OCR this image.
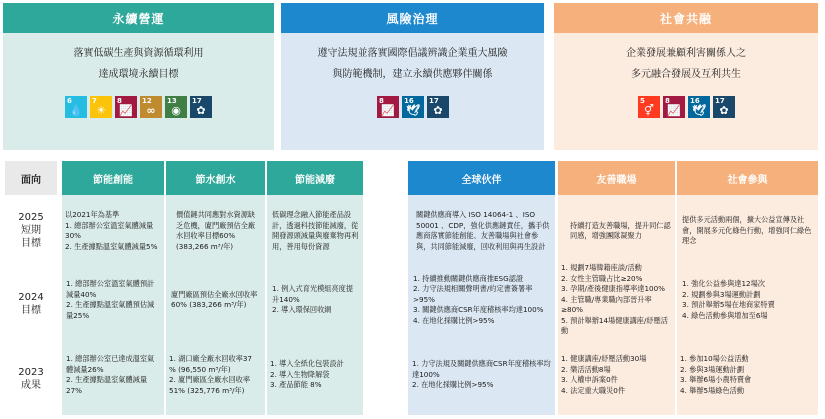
永續營運
落實低碳生產與資源循環利用
達成環境永續目標
6
💧
7
☀
8
📈
12
∞
13
◉
17
✿
風險治理
遵守法規並落實國際倡議辨識企業重大風險
與防範機制，建立永續供應夥伴關係
8
📈
16
🕊
17
✿
社會共融
企業發展兼顧利害關係人之
多元融合發展及互利共生
5
⚥
8
📈
16
🕊
17
✿
面向
2025
短期
目標
2024
目標
2023
成果
節能創能
以2021年為基準
1. 總部辦公室溫室氣體減量30%
2. 生產據點溫室氣體減量5%
1. 總部辦公室溫室氣體預計減量40%
2. 生產據點溫室氣體預估減量25%
1. 總部辦公室已達成溫室氣體減量26%
2. 生產據點溫室氣體減量27%
節水創水
價值鏈共同應對水資源缺乏危機，廈門廠預估全廠水回收率目標60% (383,266 m³/年)
廈門廠區預估全廠水回收率60% (383,266 m³/年)
1. 湖口廠全廠水回收率37 % (96,550 m³/年)
2. 廈門廠區全廠水回收率51% (325,776 m³/年)
節能減廢
低碳理念融入節能產品設計，透過科技節能減廢，從開發源頭減量與廢棄物再利用，善用每份資源
1. 例入式育光模組亮度提升140%
2. 導入環保回收網
1. 導入全紙化包裝設計
2. 導入生物降解袋
3. 產品節能 8%
全球伙伴
關鍵供應商導入 ISO 14064-1 、ISO 50001 、CDP，強化供應鏈責任，攜手供應商落實節能創能、友善職場與社會參與，共同節能減廢，回收利用與再生設計
1. 持續推動關鍵供應商推ESG認證
2. 力守法規相關聲明書/約定書簽署率>95%
3. 關鍵供應商CSR年度稽核率均達100%
4. 在地化採購比例>95%
1. 力守法規及關鍵供應商CSR年度稽核率均達100%
2. 在地化採購比例>95%
友善職場
持續打造友善職場，提升同仁認同感，增強團隊凝聚力
1. 規劃7場韓籍座談/活動
2. 女性主管職占比≥20%
3. 孕期/產後健康指導率達100%
4. 主管職/專業職內部晉升率≥80%
5. 預計舉辦14場健康講座/紓壓活動
1. 健康講座/紓壓活動30場
2. 樂活活動8場
3. 人權申訴案0件
4. 法定重大職災0件
社會參與
提供多元活動兩個，擴大公益宣傳及社會，開展多元化綠色行動，增強同仁綠色理念
1. 強化公益參與達12場次
2. 規劃參與3場運動計劃
3. 預計舉辦5場在地商家特賣
4. 綠色活動參與增加至6場
1. 參加10場公益活動
2. 參與3場運動計劃
3. 舉辦6場小農特賣會
4. 舉辦5場綠色活動
